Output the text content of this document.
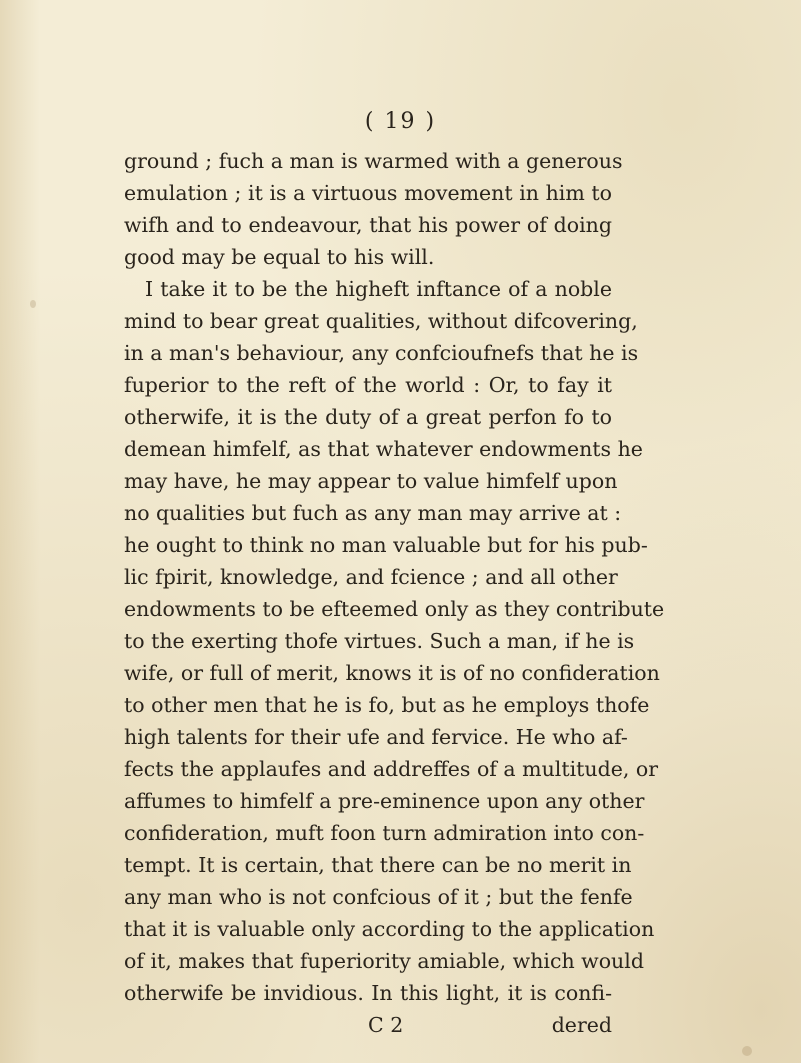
( 19 )
ground ; fuch a man is warmed with a generous
emulation ; it is a virtuous movement in him to
wifh and to endeavour, that his power of doing
good may be equal to his will.
I take it to be the higheft inftance of a noble
mind to bear great qualities, without difcovering,
in a man's behaviour, any confcioufnefs that he is
fuperior to the reft of the world : Or, to fay it
otherwife, it is the duty of a great perfon fo to
demean himfelf, as that whatever endowments he
may have, he may appear to value himfelf upon
no qualities but fuch as any man may arrive at :
he ought to think no man valuable but for his pub-
lic fpirit, knowledge, and fcience ; and all other
endowments to be efteemed only as they contribute
to the exerting thofe virtues. Such a man, if he is
wife, or full of merit, knows it is of no confideration
to other men that he is fo, but as he employs thofe
high talents for their ufe and fervice. He who af-
fects the applaufes and addreffes of a multitude, or
affumes to himfelf a pre-eminence upon any other
confideration, muft foon turn admiration into con-
tempt. It is certain, that there can be no merit in
any man who is not confcious of it ; but the fenfe
that it is valuable only according to the application
of it, makes that fuperiority amiable, which would
otherwife be invidious. In this light, it is confi-
C 2	dered
